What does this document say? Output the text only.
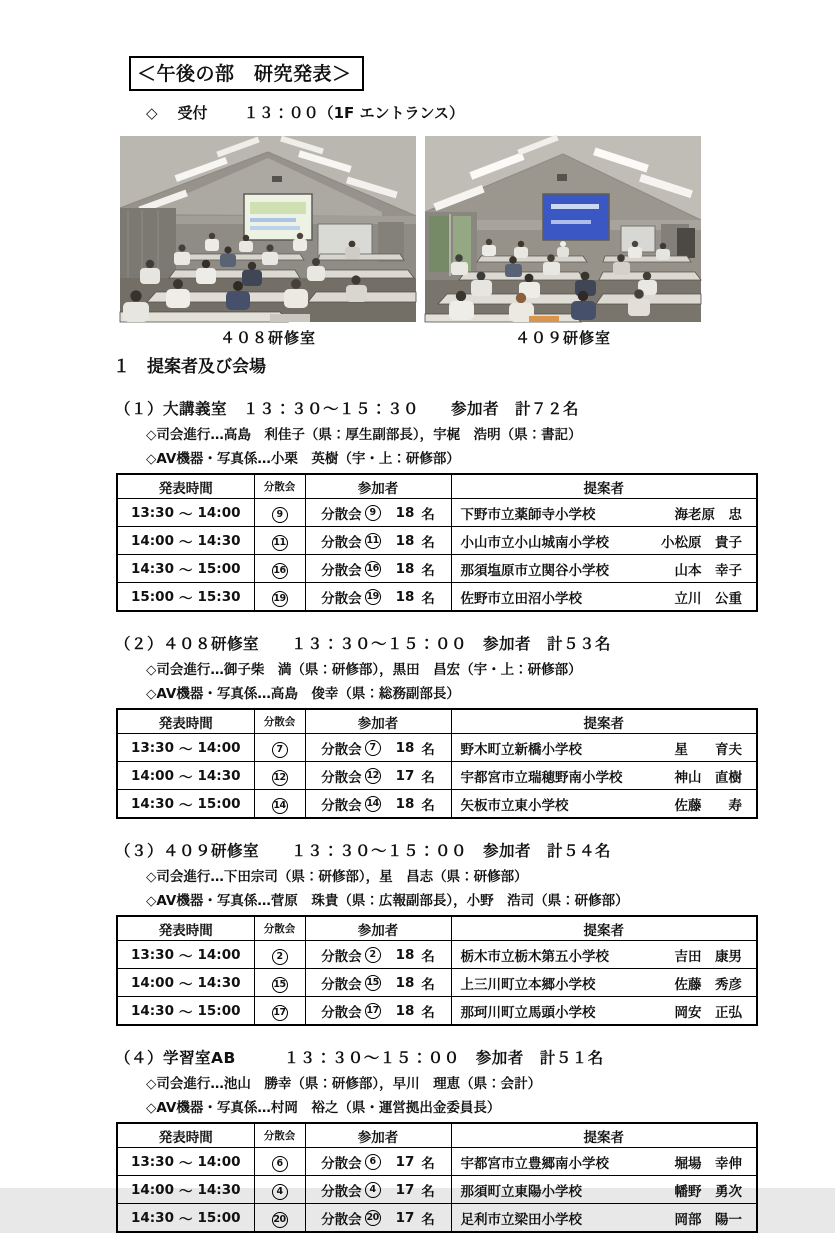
＜午後の部　研究発表＞
◇ 受付 １３：００（1F エントランス）
４０８研修室	４０９研修室
１　提案者及び会場
（１）大講義室　１３：３０～１５：３０　　参加者　計７２名
◇司会進行…高島　利佳子（県：厚生副部長），宇梶　浩明（県：書記）
◇AV機器・写真係…小栗　英樹（宇・上：研修部）
発表時間	分散会	参加者	提案者

13:30 ～ 14:00	9	分散会 9 18 名	下野市立薬師寺小学校 海老原　忠

14:00 ～ 14:30	11	分散会 11 18 名	小山市立小山城南小学校 小松原　貴子

14:30 ～ 15:00	16	分散会 16 18 名	那須塩原市立関谷小学校 山本　幸子

15:00 ～ 15:30	19	分散会 19 18 名	佐野市立田沼小学校 立川　公重
（２）４０８研修室　　１３：３０～１５：００　参加者　計５３名
◇司会進行…御子柴　満（県：研修部），黒田　昌宏（宇・上：研修部）
◇AV機器・写真係…高島　俊幸（県：総務副部長）
発表時間	分散会	参加者	提案者

13:30 ～ 14:00	7	分散会 7 18 名	野木町立新橋小学校 星　　育夫

14:00 ～ 14:30	12	分散会 12 17 名	宇都宮市立瑞穂野南小学校 神山　直樹

14:30 ～ 15:00	14	分散会 14 18 名	矢板市立東小学校 佐藤　　寿
（３）４０９研修室　　１３：３０～１５：００　参加者　計５４名
◇司会進行…下田宗司（県：研修部），星　昌志（県：研修部）
◇AV機器・写真係…菅原　珠貴（県：広報副部長），小野　浩司（県：研修部）
発表時間	分散会	参加者	提案者

13:30 ～ 14:00	2	分散会 2 18 名	栃木市立栃木第五小学校 吉田　康男

14:00 ～ 14:30	15	分散会 15 18 名	上三川町立本郷小学校 佐藤　秀彦

14:30 ～ 15:00	17	分散会 17 18 名	那珂川町立馬頭小学校 岡安　正弘
（４）学習室AB　　　１３：３０～１５：００　参加者　計５１名
◇司会進行…池山　勝幸（県：研修部），早川　理恵（県：会計）
◇AV機器・写真係…村岡　裕之（県・運営拠出金委員長）
発表時間	分散会	参加者	提案者

13:30 ～ 14:00	6	分散会 6 17 名	宇都宮市立豊郷南小学校 堀場　幸伸

14:00 ～ 14:30	4	分散会 4 17 名	那須町立東陽小学校 幡野　勇次

14:30 ～ 15:00	20	分散会 20 17 名	足利市立梁田小学校 岡部　陽一
